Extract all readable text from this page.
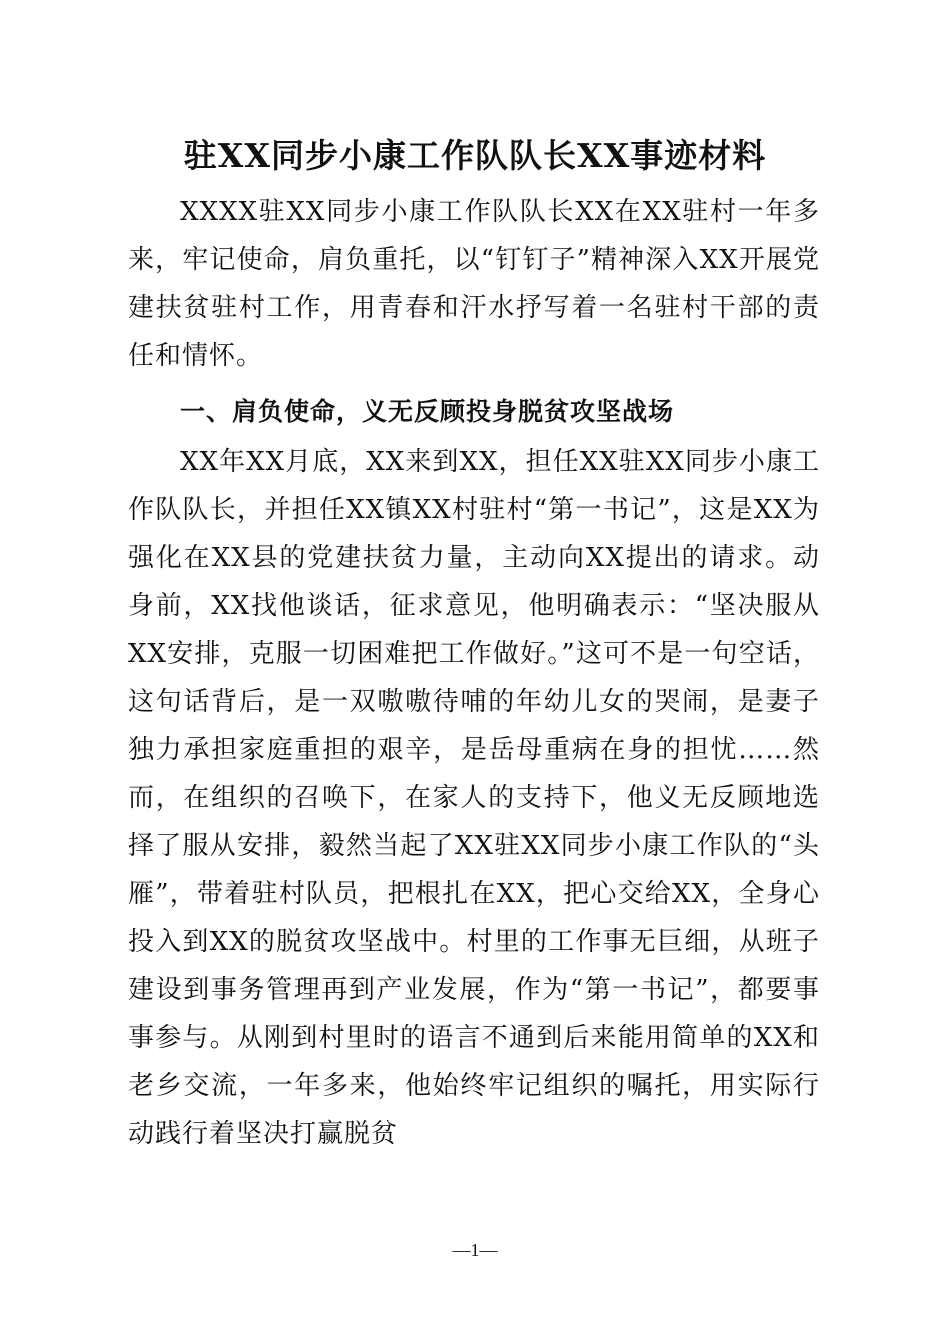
驻XX同步小康工作队队长XX事迹材料

XXXX驻XX同步小康工作队队长XX在XX驻村一年多来，牢记使命，肩负重托，以“钉钉子”精神深入XX开展党建扶贫驻村工作，用青春和汗水抒写着一名驻村干部的责任和情怀。

一、肩负使命，义无反顾投身脱贫攻坚战场

XX年XX月底，XX来到XX，担任XX驻XX同步小康工作队队长，并担任XX镇XX村驻村“第一书记”，这是XX为强化在XX县的党建扶贫力量，主动向XX提出的请求。动身前，XX找他谈话，征求意见，他明确表示：“坚决服从XX安排，克服一切困难把工作做好。”这可不是一句空话，这句话背后，是一双嗷嗷待哺的年幼儿女的哭闹，是妻子独力承担家庭重担的艰辛，是岳母重病在身的担忧……然而，在组织的召唤下，在家人的支持下，他义无反顾地选择了服从安排，毅然当起了XX驻XX同步小康工作队的“头雁”，带着驻村队员，把根扎在XX，把心交给XX，全身心投入到XX的脱贫攻坚战中。村里的工作事无巨细，从班子建设到事务管理再到产业发展，作为“第一书记”，都要事事参与。从刚到村里时的语言不通到后来能用简单的XX和老乡交流，一年多来，他始终牢记组织的嘱托，用实际行动践行着坚决打赢脱贫

—1—
